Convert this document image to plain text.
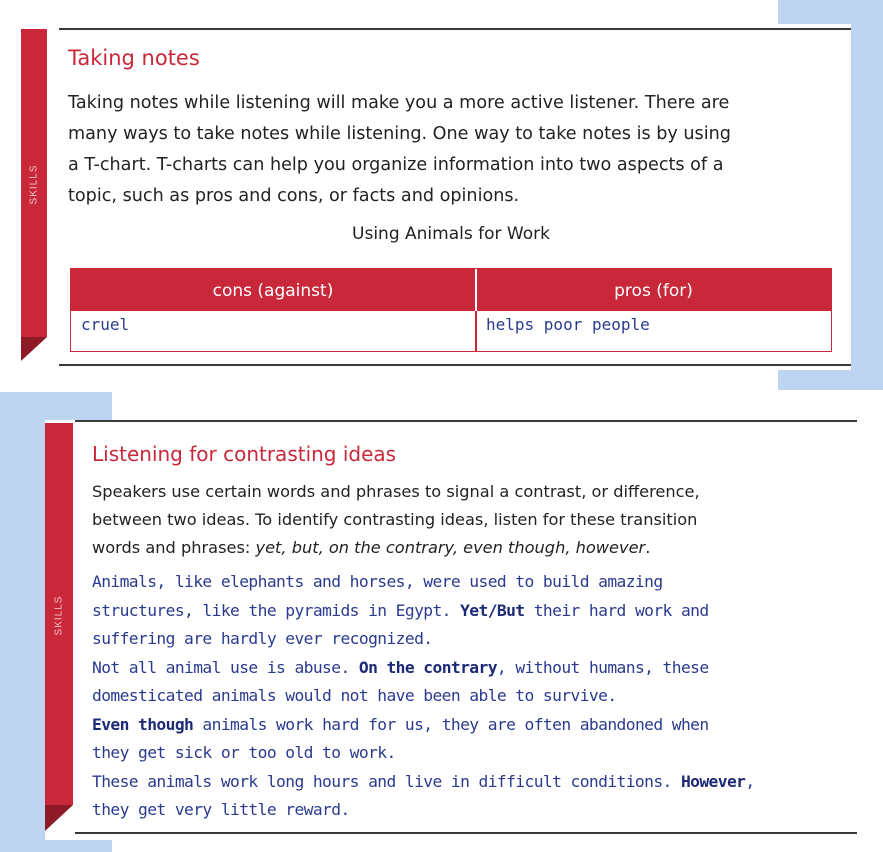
SKILLS
Taking notes
Taking notes while listening will make you a more active listener. There are
many ways to take notes while listening. One way to take notes is by using
a T-chart. T-charts can help you organize information into two aspects of a
topic, such as pros and cons, or facts and opinions.
Using Animals for Work
cons (against)	pros (for)
cruel	helps poor people
SKILLS
Listening for contrasting ideas
Speakers use certain words and phrases to signal a contrast, or difference,
between two ideas. To identify contrasting ideas, listen for these transition
words and phrases: yet, but, on the contrary, even though, however.
Animals, like elephants and horses, were used to build amazing
structures, like the pyramids in Egypt. Yet/But their hard work and
suffering are hardly ever recognized.
Not all animal use is abuse. On the contrary, without humans, these
domesticated animals would not have been able to survive.
Even though animals work hard for us, they are often abandoned when
they get sick or too old to work.
These animals work long hours and live in difficult conditions. However,
they get very little reward.
